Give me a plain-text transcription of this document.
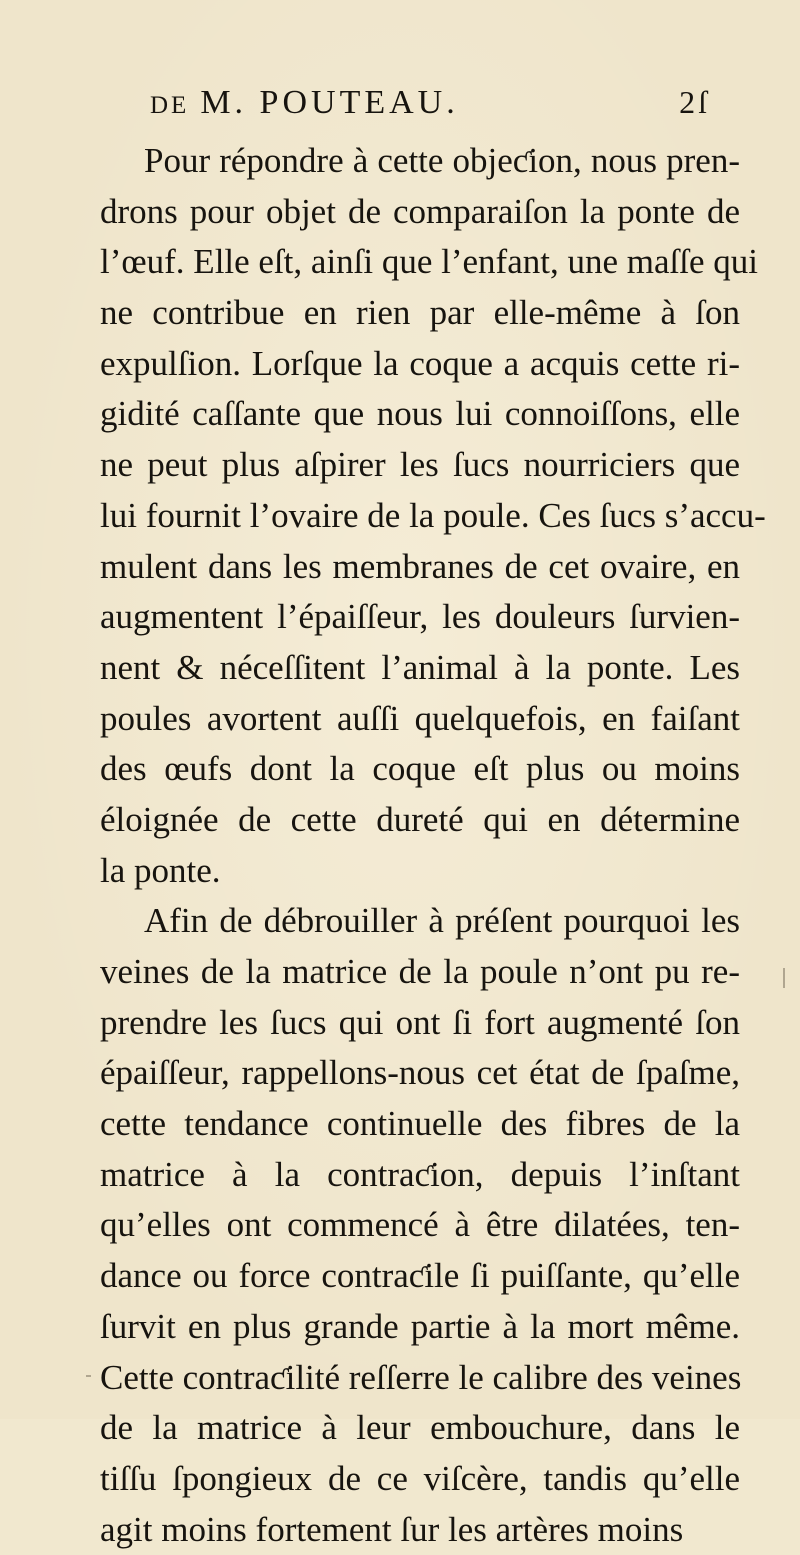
DE M. POUTEAU.	2ſ
Pour répondre à cette objeƈion, nous pren-
drons pour objet de comparaiſon la ponte de
l’œuf. Elle eſt, ainſi que l’enfant, une maſſe qui
ne contribue en rien par elle-même à ſon
expulſion. Lorſque la coque a acquis cette ri-
gidité caſſante que nous lui connoiſſons, elle
ne peut plus aſpirer les ſucs nourriciers que
lui fournit l’ovaire de la poule. Ces ſucs s’accu-
mulent dans les membranes de cet ovaire, en
augmentent l’épaiſſeur, les douleurs ſurvien-
nent & néceſſitent l’animal à la ponte. Les
poules avortent auſſi quelquefois, en faiſant
des œufs dont la coque eſt plus ou moins
éloignée de cette dureté qui en détermine
la ponte.
Afin de débrouiller à préſent pourquoi les
veines de la matrice de la poule n’ont pu re-
prendre les ſucs qui ont ſi fort augmenté ſon
épaiſſeur, rappellons-nous cet état de ſpaſme,
cette tendance continuelle des fibres de la
matrice à la contraƈion, depuis l’inſtant
qu’elles ont commencé à être dilatées, ten-
dance ou force contraƈile ſi puiſſante, qu’elle
ſurvit en plus grande partie à la mort même.
Cette contraƈilité reſſerre le calibre des veines
de la matrice à leur embouchure, dans le
tiſſu ſpongieux de ce viſcère, tandis qu’elle
agit moins fortement ſur les artères moins
